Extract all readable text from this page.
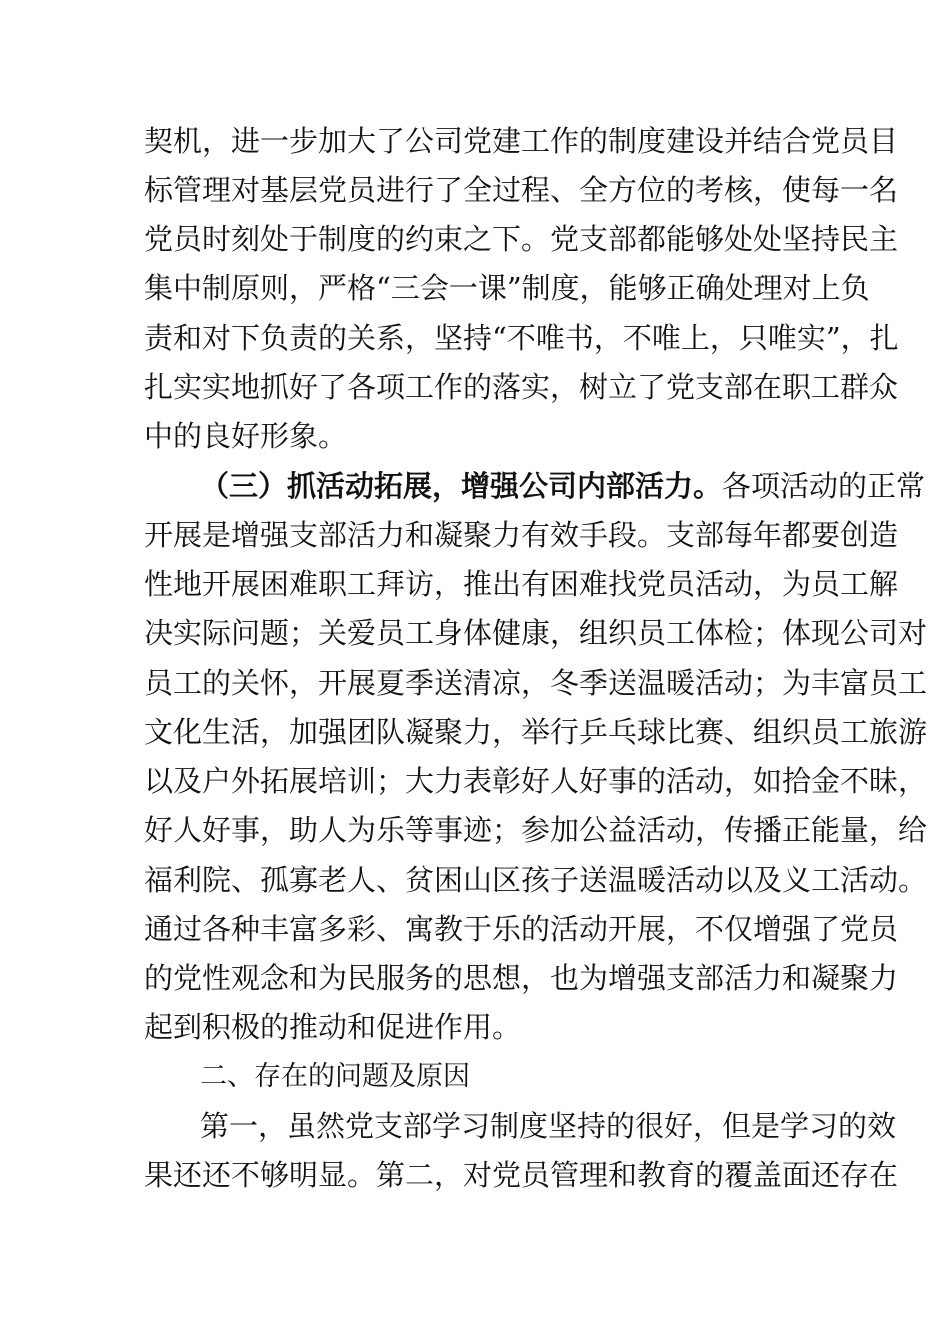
契机，进一步加大了公司党建工作的制度建设并结合党员目
标管理对基层党员进行了全过程、全方位的考核，使每一名
党员时刻处于制度的约束之下。党支部都能够处处坚持民主
集中制原则，严格“三会一课”制度，能够正确处理对上负
责和对下负责的关系，坚持“不唯书，不唯上，只唯实”，扎
扎实实地抓好了各项工作的落实，树立了党支部在职工群众
中的良好形象。
（三）抓活动拓展，增强公司内部活力。各项活动的正常
开展是增强支部活力和凝聚力有效手段。支部每年都要创造
性地开展困难职工拜访，推出有困难找党员活动，为员工解
决实际问题；关爱员工身体健康，组织员工体检；体现公司对
员工的关怀，开展夏季送清凉，冬季送温暖活动；为丰富员工
文化生活，加强团队凝聚力，举行乒乓球比赛、组织员工旅游
以及户外拓展培训；大力表彰好人好事的活动，如拾金不昧，
好人好事，助人为乐等事迹；参加公益活动，传播正能量，给
福利院、孤寡老人、贫困山区孩子送温暖活动以及义工活动。
通过各种丰富多彩、寓教于乐的活动开展，不仅增强了党员
的党性观念和为民服务的思想，也为增强支部活力和凝聚力
起到积极的推动和促进作用。
二、存在的问题及原因
第一，虽然党支部学习制度坚持的很好，但是学习的效
果还还不够明显。第二，对党员管理和教育的覆盖面还存在
